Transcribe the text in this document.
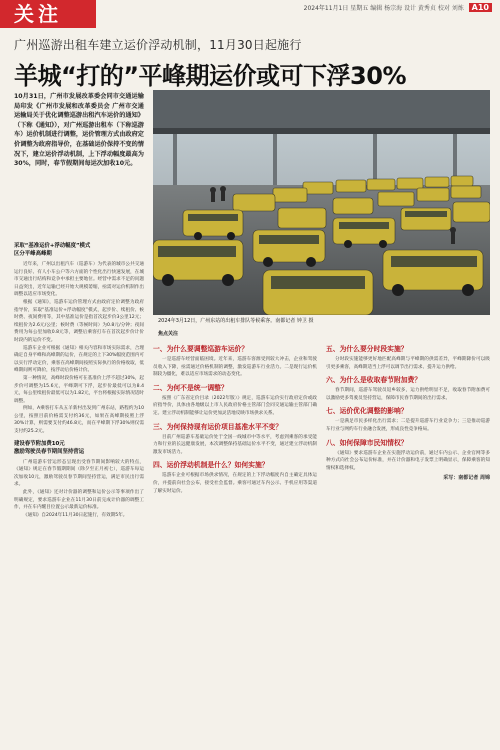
关注	2024年11月1日 星期五 编辑 杨宗海 设计 黄秀贞 校对 刘炼 A10
广州巡游出租车建立运价浮动机制，11月30日起施行
羊城“打的”平峰期运价或可下浮30%
10月31日，广州市发展改革委会同市交通运输局印发《广州市发展和改革委员会 广州市交通运输局关于优化调整巡游出租汽车运价的通知》（下称《通知》），对广州巡游出租车（下称巡游车）运价机制进行调整，运价管理方式由政府定价调整为政府指导价，在基础运价保持不变的情况下，建立运价浮动机制，上下浮动幅度最高为30%，同时，春节假期间每运次加收10元。
采取“基准运价+浮动幅度”模式
区分平峰高峰期

近年来，广州以出租汽车（巡游车）为代表的城市公共交通运行良好、有人小车公户等六方面的个性化出行快速发展，在城市交通出行结构和竞争中承担主要地位。经营中需求不足的问题日益突出，近年运输已经开始大规模萎缩，亟需对运价机制作出调整以适应市场变化。

根据《通知》，巡游车运价管理方式由政府定价调整为政府指导价，采取“基准运价+浮动幅度”模式，起步价、续租价、候时费、夜间费用等，其中基准运价是指首次起步价3公里12元；续租价为2.6元/公里；候时费（等候时间）为0.8元/分钟；夜间费用为每公里加收0.8元等，调整后乘客打车在首次起步价计价时段内的运价不变。

巡游车企业可根据《通知》相关内容和市场实际需求，合理确定自身平峰和高峰期的运价，在规定的上下30%幅度范围内可以实行浮动定价，乘客在高峰期间按照实际执行的价格收取，低峰期间则可降价，按浮动后价格计价。

第一种情况，高峰时段价格可在基准价上浮不超过30%，起步价可调整为15.6元，平峰期可下浮，起步价最低可以为8.4元，每公里续租价最低可以为1.82元，平台将根据实际情况适时调整。

例如，A乘客打车从五羊新村出发到广州东站，路程约为10公里，按照目前价格需支付约36元，如果在高峰期按照上浮30%计算，则需要支付约46.8元，而在平峰期下浮30%则仅需支付约25.2元。

建设春节附加费10元
激励驾驶员春节期间坚持营运

广州巡游车营运形态呈现出受春节期间影响较大的特点，《通知》规定在春节假期期间（除夕至正月初七），巡游车每运次加收10元，激励驾驶员春节期间坚持营运，满足市民出行需求。

此外，《通知》还对计价器的调整和运价公示等事项作出了明确规定，要求巡游车企业在11月30日前完成计价器的调整工作，并在车内醒目位置公示最新运价标准。

《通知》自2024年11月30日起施行，有效期5年。

2024年3月12日，广州东站的出租车排队等候乘客。南都记者 钟卫 摄
焦点关注
一、为什么要调整巡游车运价？

一是巡游车经营面临困境。近年来，巡游车客源受到较大冲击，企业和驾驶员收入下降，亟需通过价格机制的调整，激发巡游车行业活力。二是现行运价机制较为僵化，难以适应市场需求的动态变化。

二、为何不是统一调整？

按照《广东省定价目录（2022年版）》规定，巡游车运价实行政府定价或政府指导价，具体由各地级以上市人民政府价格主管部门会同交通运输主管部门确定。建立浮动机制能够让运价更加灵活地反映市场供求关系。

三、为何保持现有运价项目基准水平不变？

目前广州巡游车基础运价处于全国一线城市中等水平，考虑到乘客的承受能力和行业的长远健康发展，本次调整保持基础运价水平不变，通过建立浮动机制激发市场活力。

四、运价浮动机制是什么？如何实施？

巡游车企业可根据市场供求情况，在规定的上下浮动幅度内自主确定具体运价，并提前向社会公布，接受社会监督。乘客可通过车内公示、手机应用等渠道了解实时运价。

五、为什么要分时段实施？

分时段实施能够更好地匹配高峰期与平峰期的供需差异，平峰期降价可以吸引更多乘客，高峰期适当上浮可以调节出行需求、提升运力供给。

六、为什么是收取春节附加费？

春节期间，巡游车驾驶员返乡较多，运力供给明显不足，收取春节附加费可以激励更多驾驶员坚持营运，保障市民春节期间的出行需求。

七、运价优化调整的影响？

一是满足市民多样化出行需求；二是提升巡游车行业竞争力；三是推动巡游车行业与网约车行业融合发展，形成良性竞争格局。

八、如何保障市民知情权？

《通知》要求巡游车企业在实施浮动运价前，通过车内公示、企业官网等多种方式向社会公布运价标准，并在计价器和电子发票上明确显示，保障乘客的知情权和选择权。

采写：南都记者 周锦
